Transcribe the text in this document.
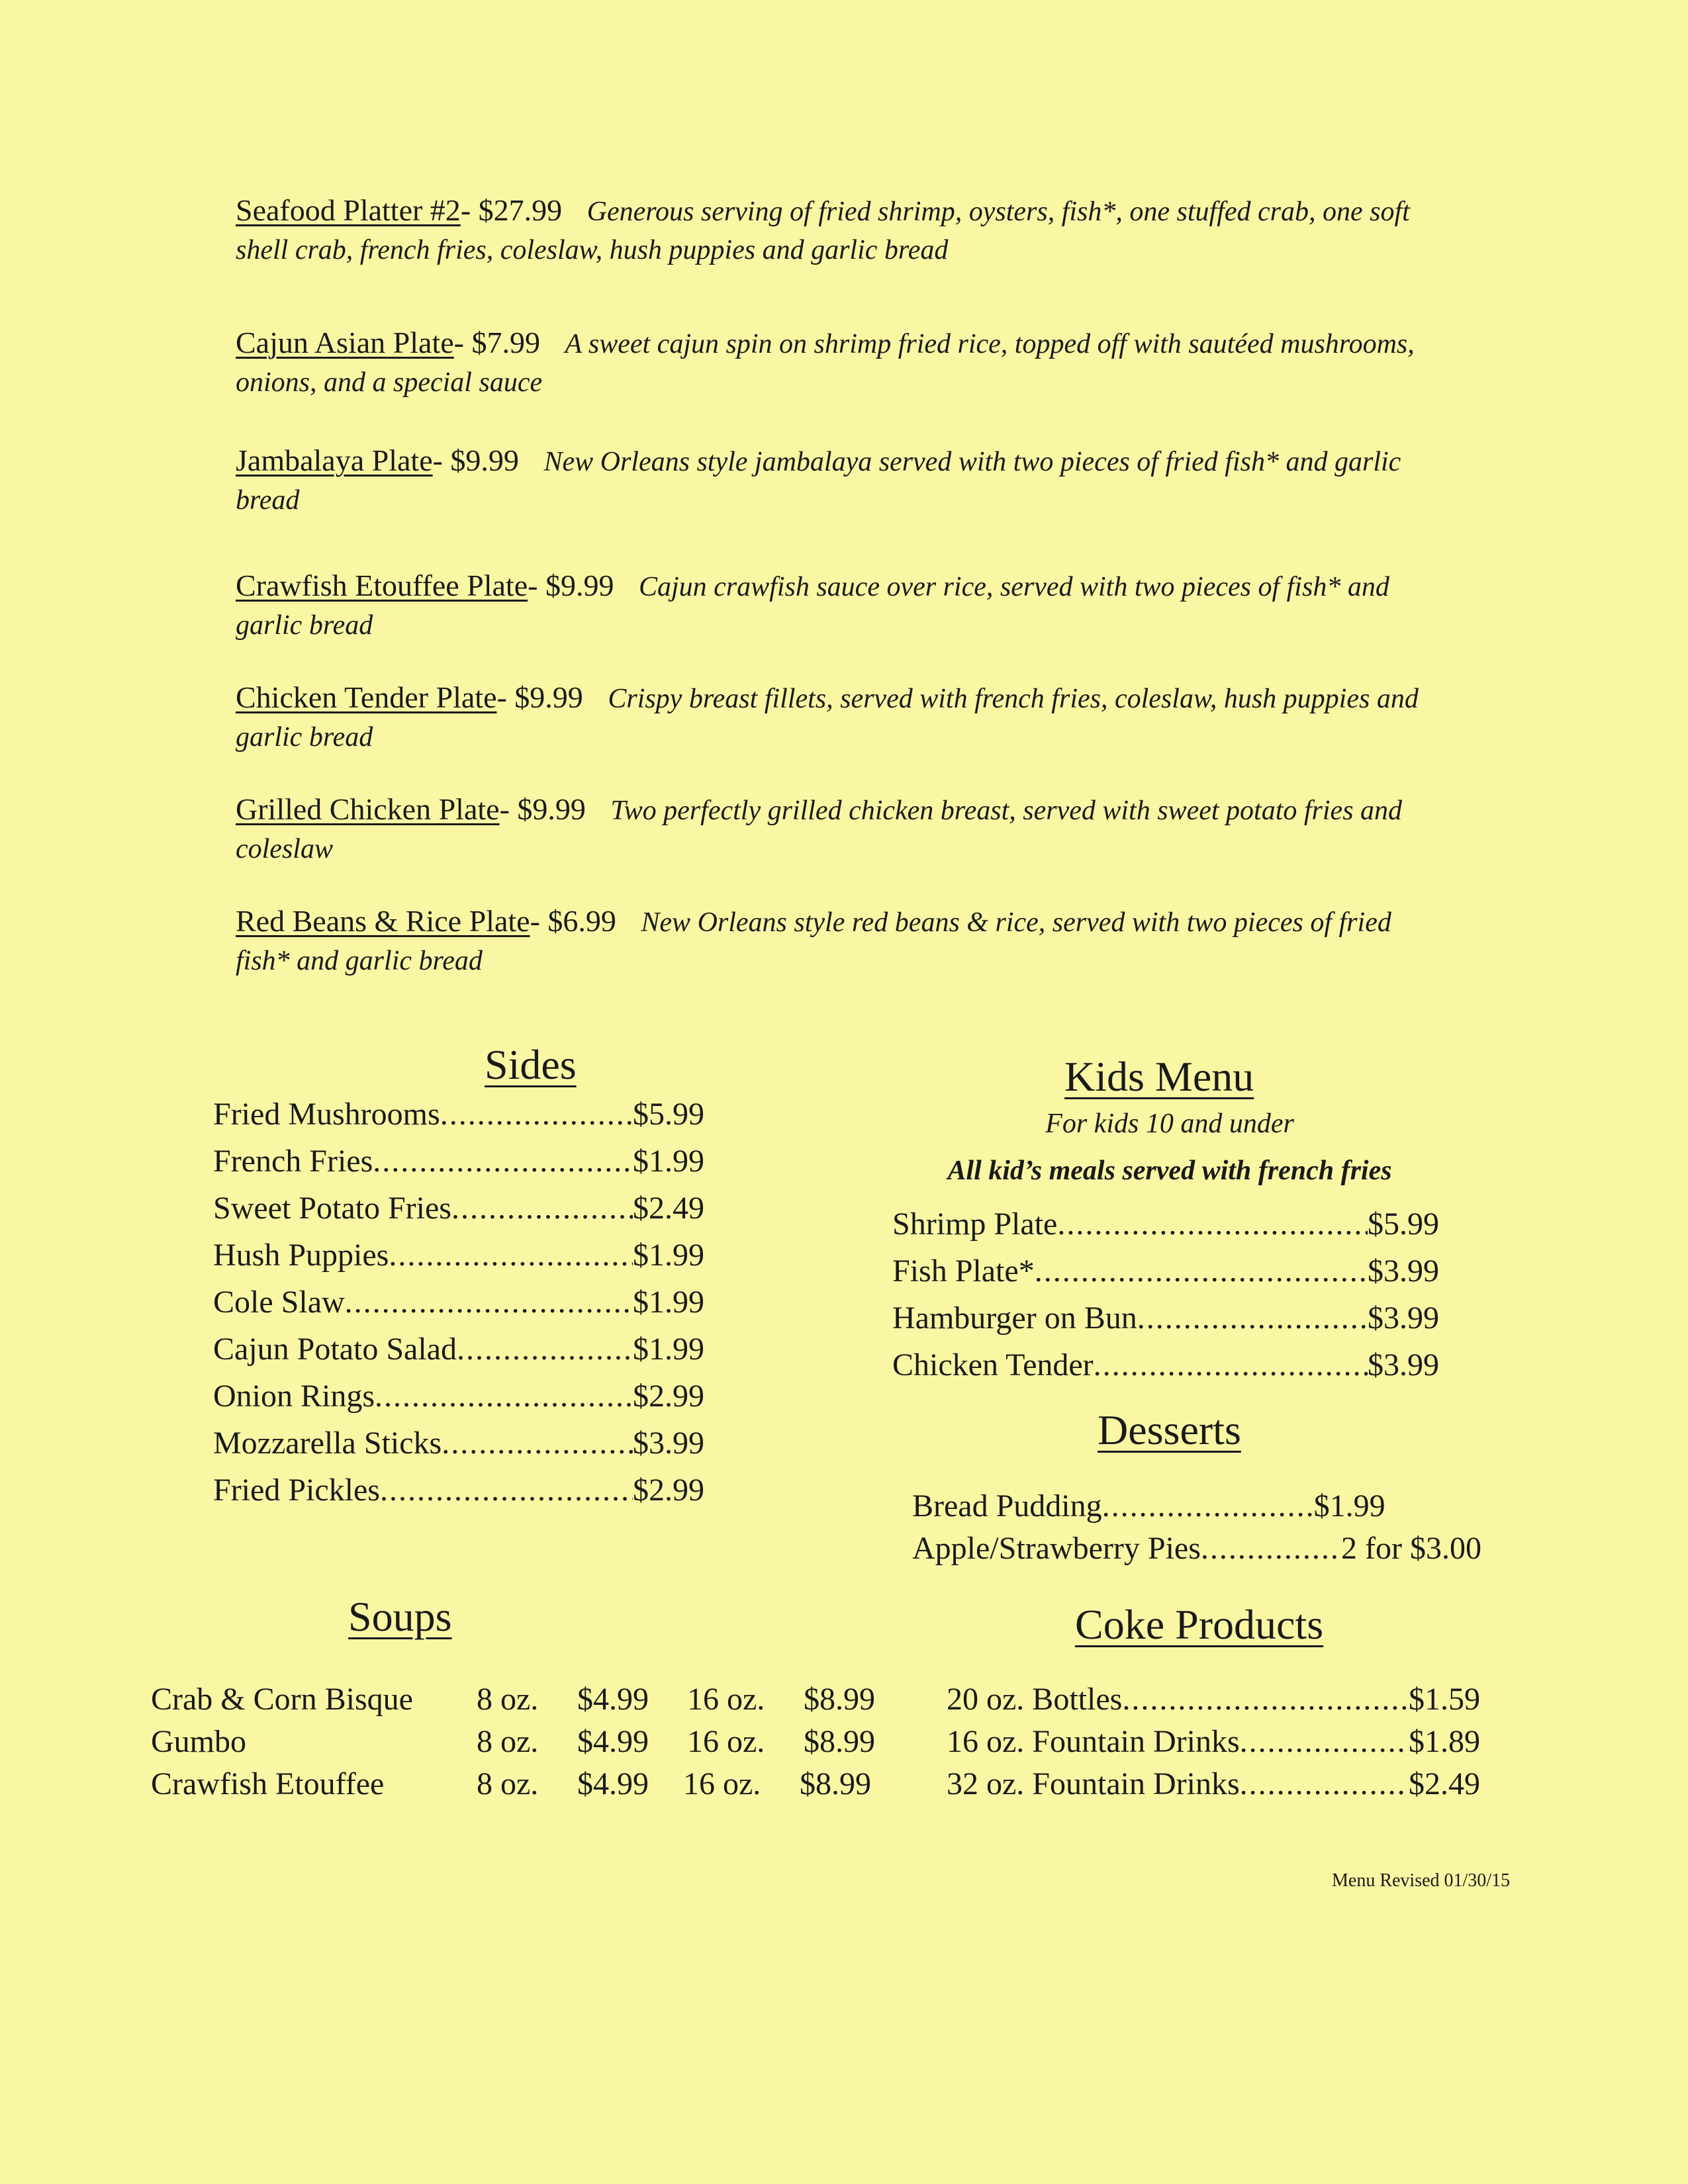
Seafood Platter #2- $27.99 Generous serving of fried shrimp, oysters, fish*, one stuffed crab, one soft shell crab, french fries, coleslaw, hush puppies and garlic bread
Cajun Asian Plate- $7.99 A sweet cajun spin on shrimp fried rice, topped off with sautéed mushrooms, onions, and a special sauce
Jambalaya Plate- $9.99 New Orleans style jambalaya served with two pieces of fried fish* and garlic bread
Crawfish Etouffee Plate- $9.99 Cajun crawfish sauce over rice, served with two pieces of fish* and garlic bread
Chicken Tender Plate- $9.99 Crispy breast fillets, served with french fries, coleslaw, hush puppies and garlic bread
Grilled Chicken Plate- $9.99 Two perfectly grilled chicken breast, served with sweet potato fries and coleslaw
Red Beans & Rice Plate- $6.99 New Orleans style red beans & rice, served with two pieces of fried fish* and garlic bread
Sides
Fried Mushrooms .....	$5.99
French Fries .....	$1.99
Sweet Potato Fries .....	$2.49
Hush Puppies .....	$1.99
Cole Slaw .....	$1.99
Cajun Potato Salad .....	$1.99
Onion Rings .....	$2.99
Mozzarella Sticks .....	$3.99
Fried Pickles .....	$2.99
Kids Menu
For kids 10 and under
All kid’s meals served with french fries
Shrimp Plate .....	$5.99
Fish Plate* .....	$3.99
Hamburger on Bun .....	$3.99
Chicken Tender .....	$3.99
Desserts
Bread Pudding .....	$1.99
Apple/Strawberry Pies .....	2 for $3.00
Soups
Crab & Corn Bisque 8 oz. $4.99 16 oz. $8.99
Gumbo	8 oz. $4.99 16 oz. $8.99
Crawfish Etouffee	8 oz. $4.99 16 oz. $8.99
Coke Products
20 oz. Bottles .....	$1.59
16 oz. Fountain Drinks .....	$1.89
32 oz. Fountain Drinks .....	$2.49
Menu Revised 01/30/15
